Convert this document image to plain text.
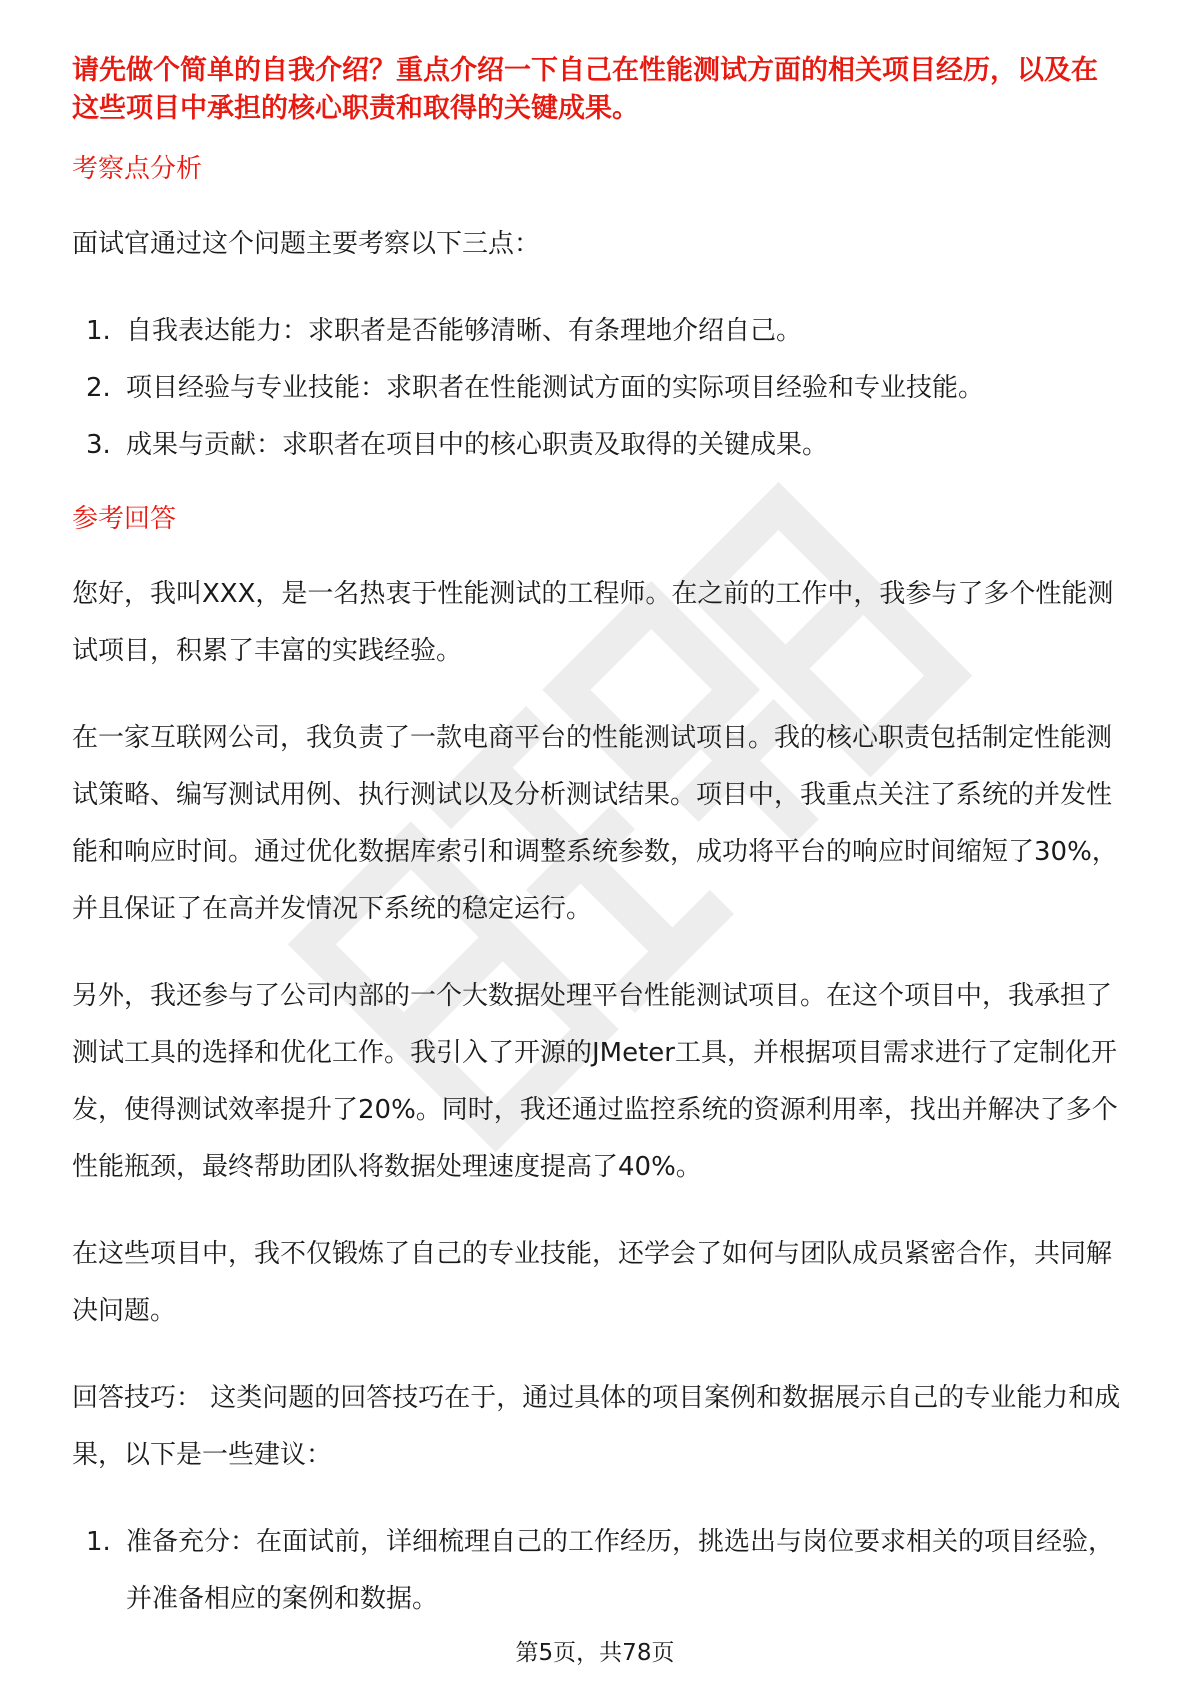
请先做个简单的自我介绍？重点介绍一下自己在性能测试方面的相关项目经历，以及在这些项目中承担的核心职责和取得的关键成果。

考察点分析

面试官通过这个问题主要考察以下三点：

1. 自我表达能力：求职者是否能够清晰、有条理地介绍自己。
2. 项目经验与专业技能：求职者在性能测试方面的实际项目经验和专业技能。
3. 成果与贡献：求职者在项目中的核心职责及取得的关键成果。
参考回答

您好，我叫XXX，是一名热衷于性能测试的工程师。在之前的工作中，我参与了多个性能测试项目，积累了丰富的实践经验。

在一家互联网公司，我负责了一款电商平台的性能测试项目。我的核心职责包括制定性能测试策略、编写测试用例、执行测试以及分析测试结果。项目中，我重点关注了系统的并发性能和响应时间。通过优化数据库索引和调整系统参数，成功将平台的响应时间缩短了30%，并且保证了在高并发情况下系统的稳定运行。

另外，我还参与了公司内部的一个大数据处理平台性能测试项目。在这个项目中，我承担了测试工具的选择和优化工作。我引入了开源的JMeter工具，并根据项目需求进行了定制化开发，使得测试效率提升了20%。同时，我还通过监控系统的资源利用率，找出并解决了多个性能瓶颈，最终帮助团队将数据处理速度提高了40%。

在这些项目中，我不仅锻炼了自己的专业技能，还学会了如何与团队成员紧密合作，共同解决问题。

回答技巧： 这类问题的回答技巧在于，通过具体的项目案例和数据展示自己的专业能力和成果，以下是一些建议：

1. 准备充分：在面试前，详细梳理自己的工作经历，挑选出与岗位要求相关的项目经验，并准备相应的案例和数据。
第5页，共78页
